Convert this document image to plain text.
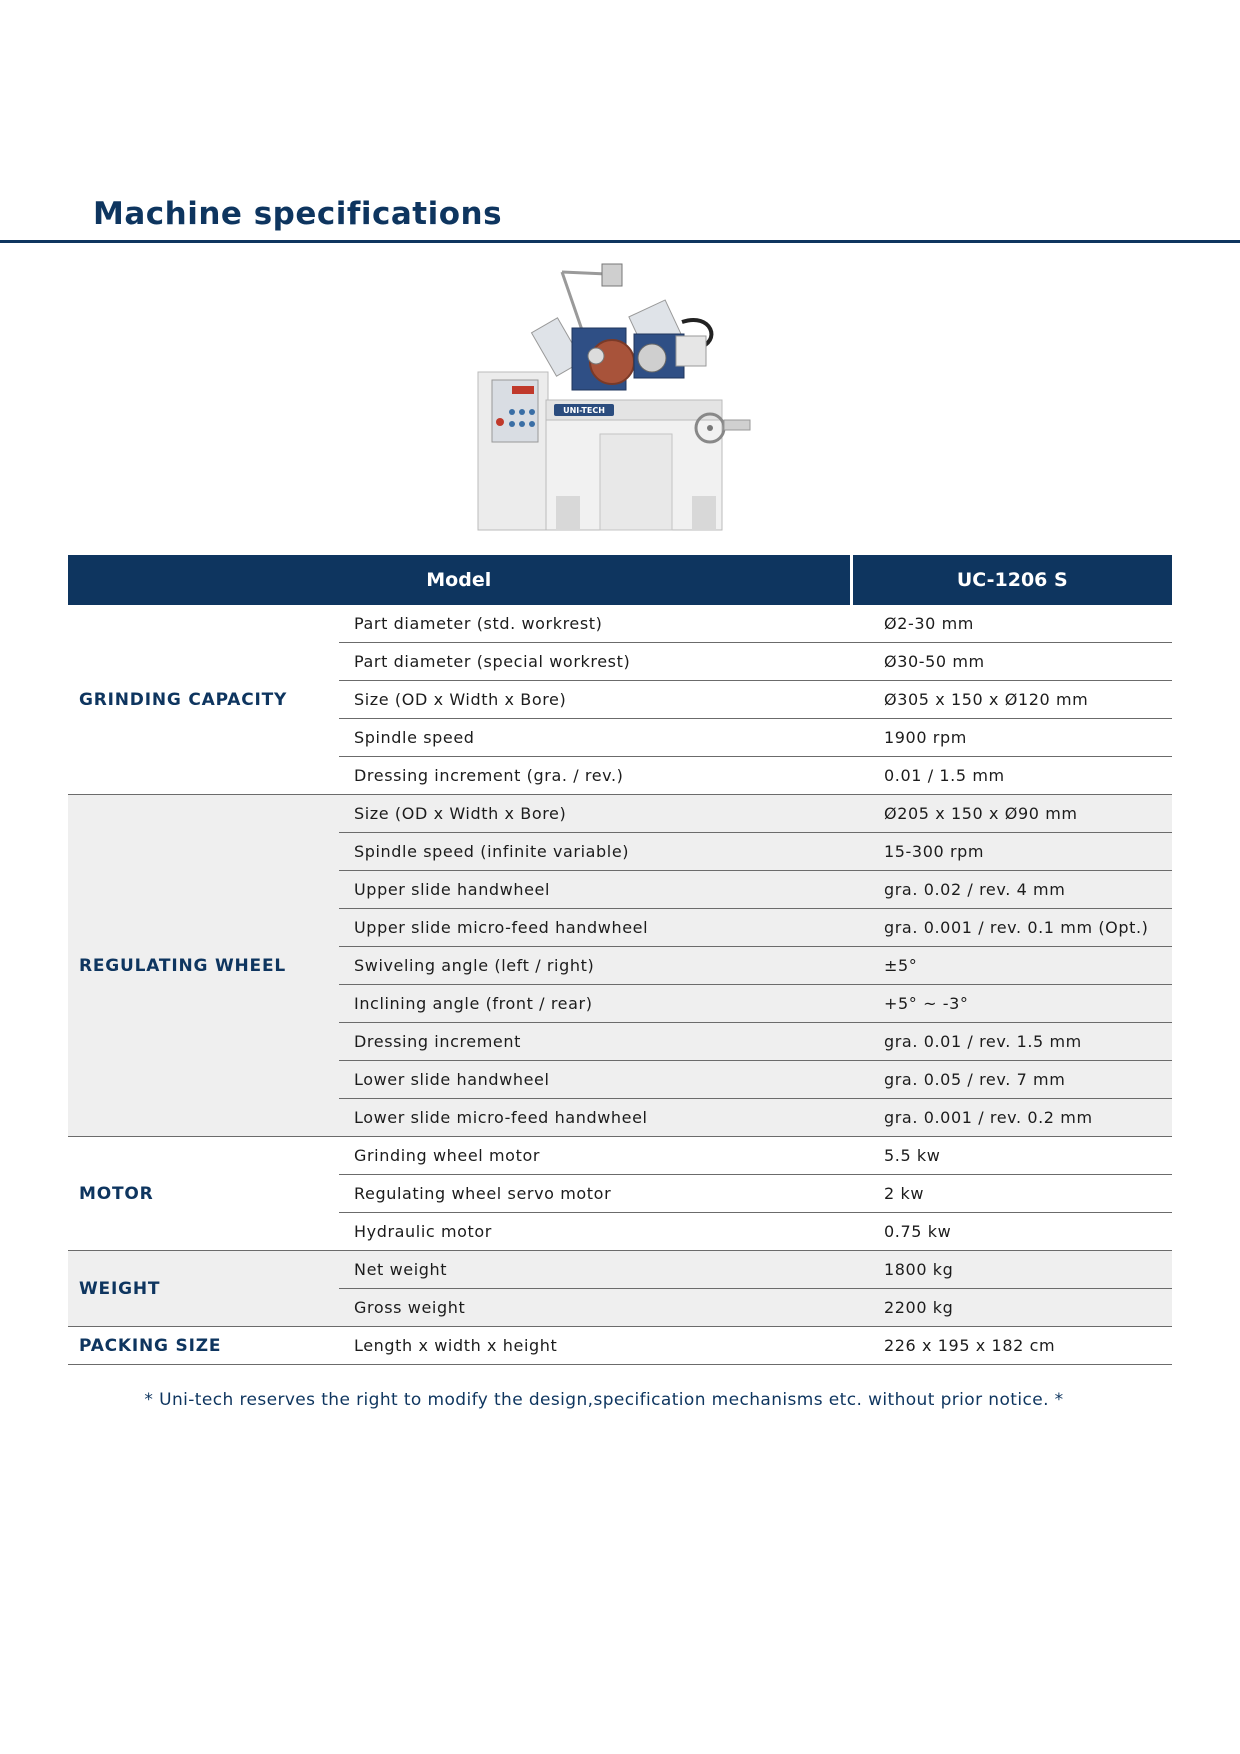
Machine specifications
UNI-TECH
Model		UC-1206 S
GRINDING CAPACITY	Part diameter (std. workrest)	Ø2-30 mm
	Part diameter (special workrest)	Ø30-50 mm
	Size (OD x Width x Bore)	Ø305 x 150 x Ø120 mm
	Spindle speed	1900 rpm
	Dressing increment (gra. / rev.)	0.01 / 1.5 mm
REGULATING WHEEL	Size (OD x Width x Bore)	Ø205 x 150 x Ø90 mm
	Spindle speed (infinite variable)	15-300 rpm
	Upper slide handwheel	gra. 0.02 / rev. 4 mm
	Upper slide micro-feed handwheel	gra. 0.001 / rev. 0.1 mm (Opt.)
	Swiveling angle (left / right)	±5°
	Inclining angle (front / rear)	+5° ~ -3°
	Dressing increment	gra. 0.01 / rev. 1.5 mm
	Lower slide handwheel	gra. 0.05 / rev. 7 mm
	Lower slide micro-feed handwheel	gra. 0.001 / rev. 0.2 mm
MOTOR	Grinding wheel motor	5.5 kw
	Regulating wheel servo motor	2 kw
	Hydraulic motor	0.75 kw
WEIGHT	Net weight	1800 kg
	Gross weight	2200 kg
PACKING SIZE	Length x width x height	226 x 195 x 182 cm
* Uni-tech reserves the right to modify the design,specification mechanisms etc. without prior notice. *
